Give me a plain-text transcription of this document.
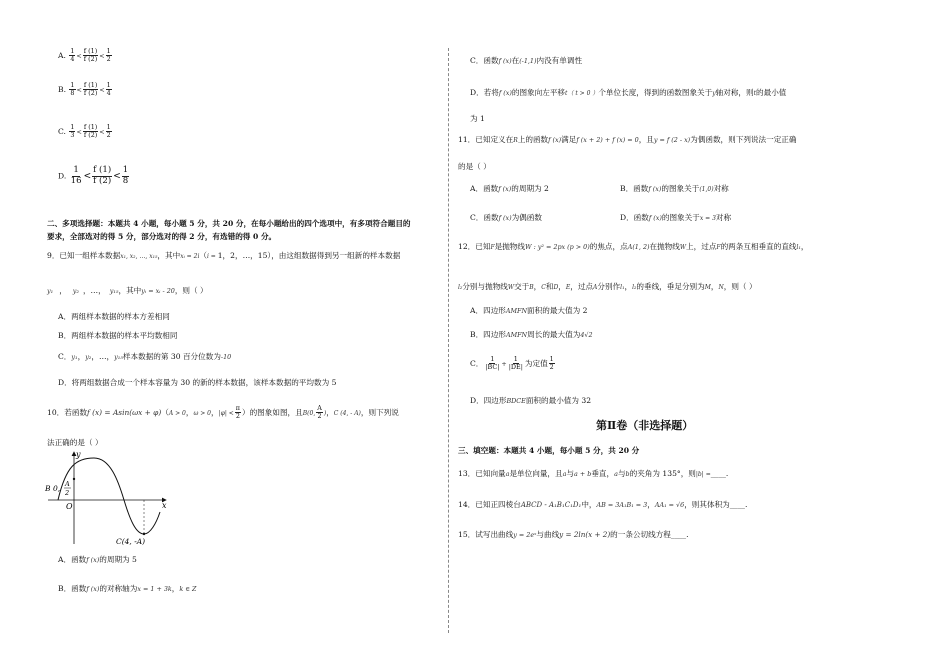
A. $\frac{1}{4} < \frac{f (1)}{f (2)} < \frac{1}{2}$
B. $\frac{1}{8} < \frac{f (1)}{f (2)} < \frac{1}{4}$
C. $\frac{1}{3} < \frac{f (1)}{f (2)} < \frac{1}{2}$
D. $\frac{1}{16} < \frac{f (1)}{f (2)} < \frac{1}{8}$
二、多项选择题：本题共 4 小题，每小题 5 分，共 20 分，在每小题给出的四个选项中，有多项符合题目的
要求，全部选对的得 5 分，部分选对的得 2 分，有选错的得 0 分。
9．已知一组样本数据x₁, x₂, …, x₁₅，其中xᵢ = 2i（i = 1，2，…，15），由这组数据得到另一组新的样本数据
y₁ ， y₂ ，…， y₁₅，其中yᵢ = xᵢ - 20，则（ ）
A．两组样本数据的样本方差相同
B．两组样本数据的样本平均数相同
C．y₁，y₂，…，y₁₅样本数据的第 30 百分位数为-10
D．将两组数据合成一个样本容量为 30 的新的样本数据，该样本数据的平均数为 5
10．若函数f (x) = Asin(ωx + φ)（A > 0，ω > 0，$|\varphi| < \frac{\pi}{2}$ ）的图象如图，且B(0, $\frac{A}{2}$ )，C (4, - A)，则下列说
法正确的是（ ）
y
x
O
B 0, A
2
C(4, -A)
A．函数f (x)的周期为 5
B．函数f (x)的对称轴为x = 1 + 3k，k ∈ Z
C．函数f (x)在(-1,1)内没有单调性
D．若将f (x)的图象向左平移t（ t > 0 ）个单位长度，得到的函数图象关于y轴对称，则t的最小值
为 1
11．已知定义在R上的函数f (x)满足f (x + 2) + f (x) = 0，且y = f (2 - x)为偶函数，则下列说法一定正确
的是（ ）
A．函数f (x)的周期为 2	B．函数f (x)的图象关于(1,0)对称
C．函数f (x)为偶函数	D．函数f (x)的图象关于x = 3对称
12．已知F是抛物线W : y² = 2px (p > 0)的焦点，点A(1, 2)在抛物线W上，过点F的两条互相垂直的直线l₁，
l₂分别与抛物线W交于B，C和D，E，过点A分别作l₁，l₂的垂线，垂足分别为M，N，则（ ）
A．四边形AMFN面积的最大值为 2
B．四边形AMFN周长的最大值为4√2
C． $\frac{1}{|BC|} + \frac{1}{|DE|}$ 为定值 $\frac{1}{2}$
D．四边形BDCE面积的最小值为 32
第Ⅱ卷（非选择题）
三、填空题：本题共 4 小题，每小题 5 分，共 20 分
13．已知向量a是单位向量，且a与a + b垂直，a与b的夹角为 135°，则|b| =____.
14．已知正四棱台ABCD - A₁B₁C₁D₁中，AB = 3A₁B₁ = 3，AA₁ = √6，则其体积为____.
15．试写出曲线y = 2eˣ与曲线y = 2ln(x + 2)的一条公切线方程____.
